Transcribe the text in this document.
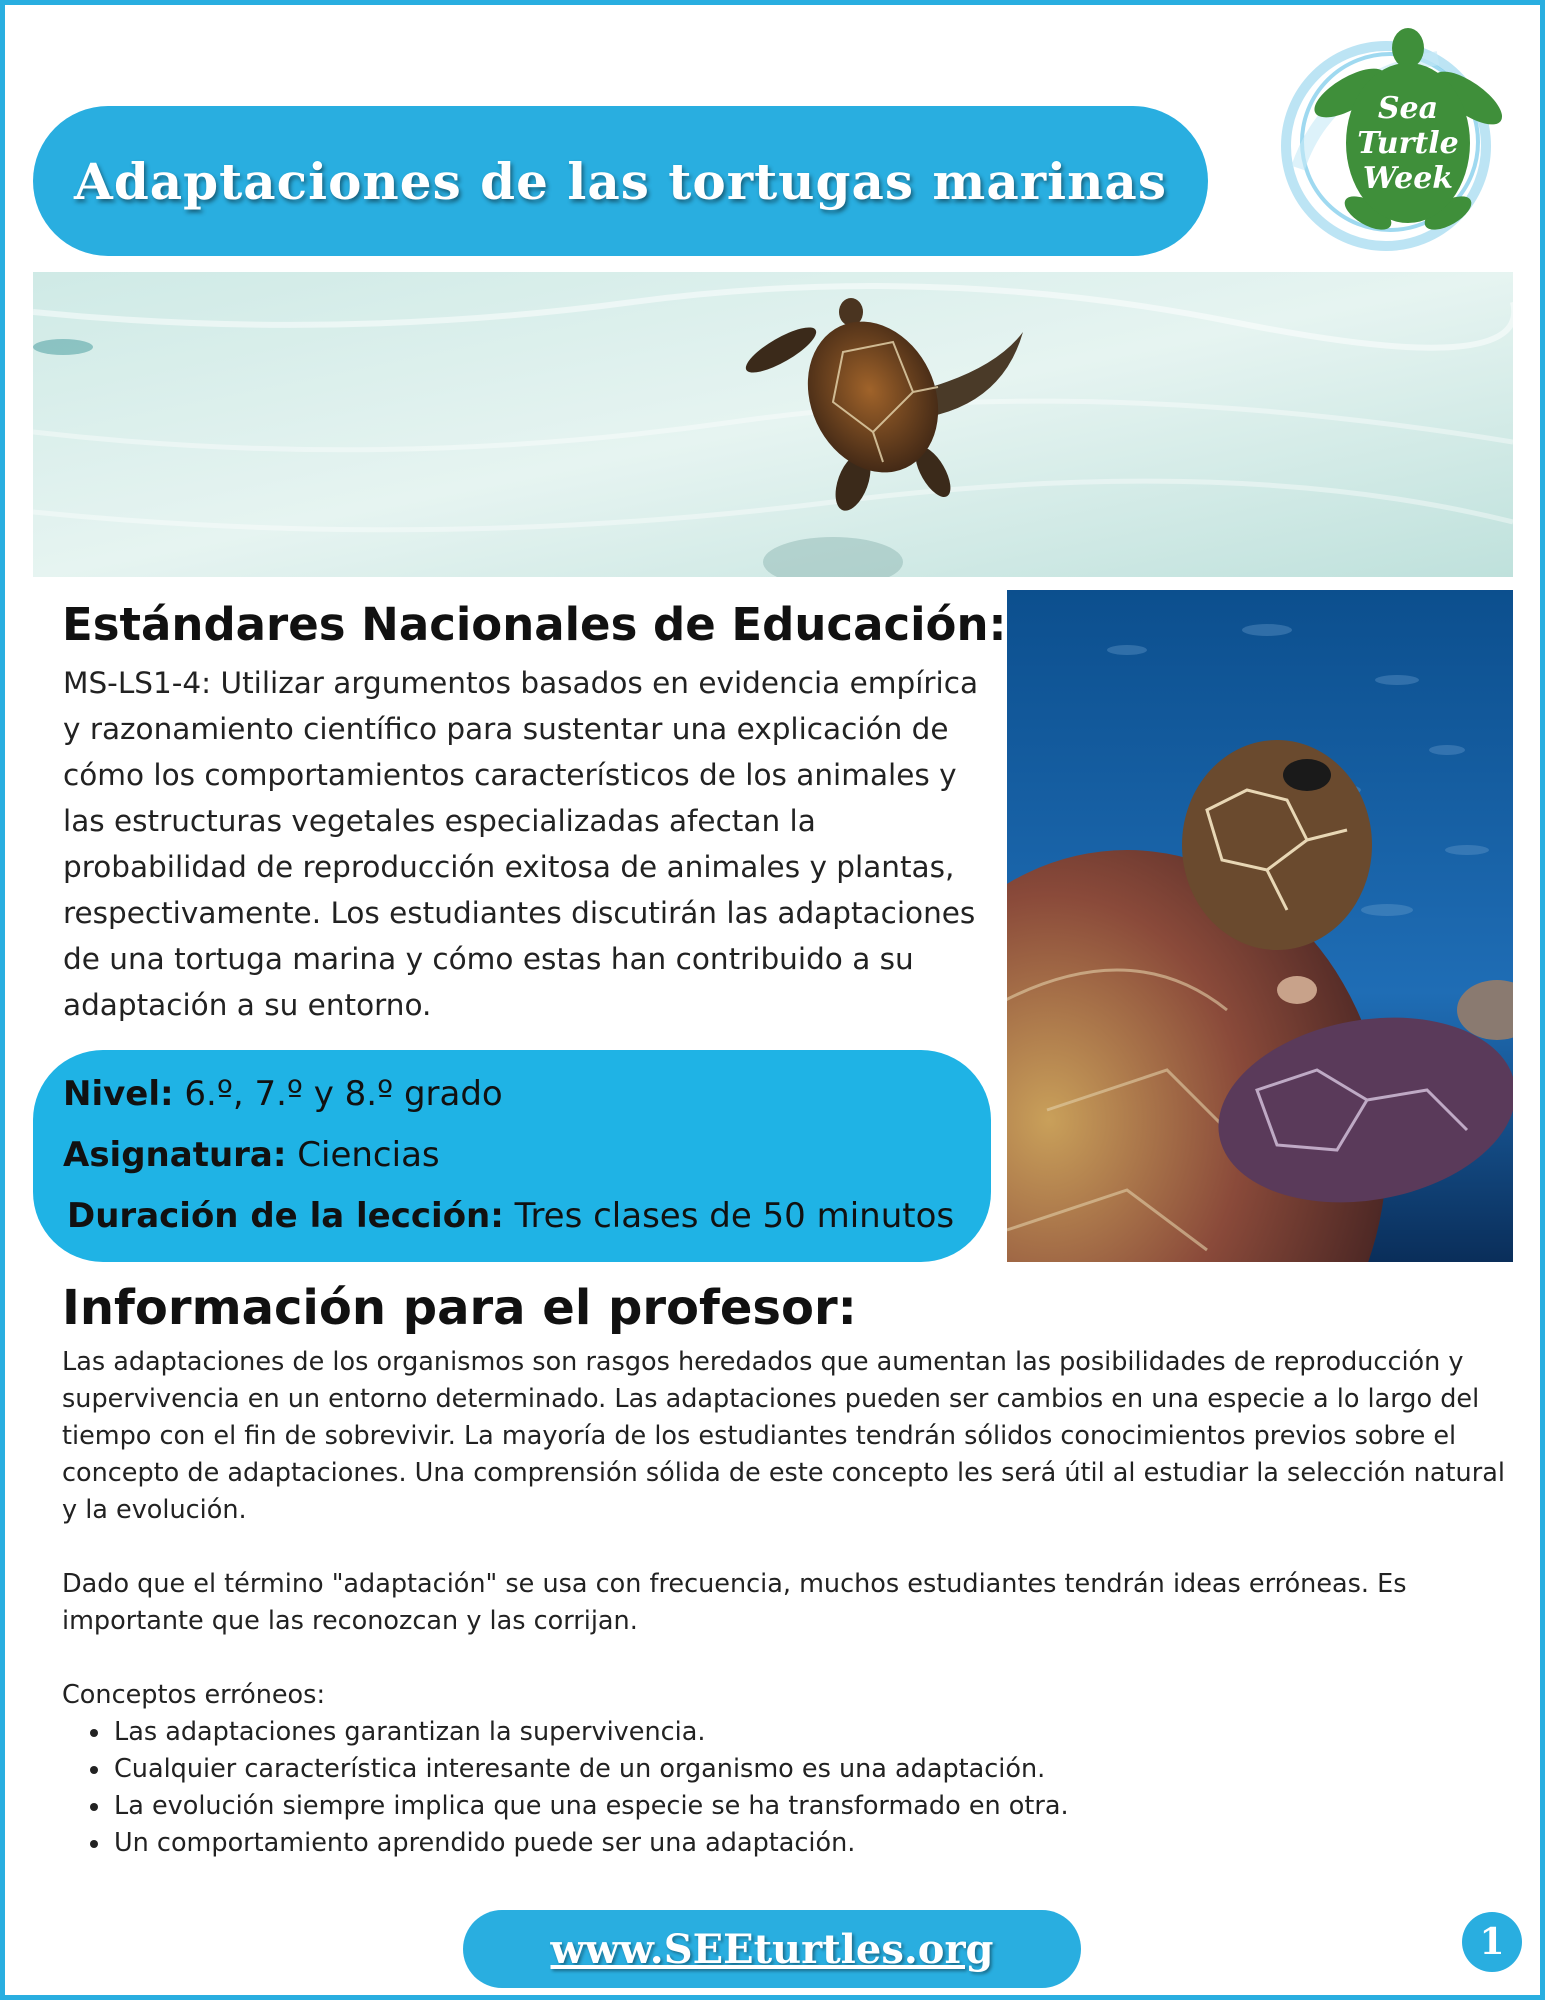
Adaptaciones de las tortugas marinas
Sea
Turtle
Week
Estándares Nacionales de Educación:
MS-LS1-4: Utilizar argumentos basados en evidencia empírica y razonamiento científico para sustentar una explicación de cómo los comportamientos característicos de los animales y las estructuras vegetales especializadas afectan la probabilidad de reproducción exitosa de animales y plantas, respectivamente. Los estudiantes discutirán las adaptaciones de una tortuga marina y cómo estas han contribuido a su adaptación a su entorno.
Nivel: 6.º, 7.º y 8.º grado
Asignatura: Ciencias
Duración de la lección: Tres clases de 50 minutos
Información para el profesor:

Las adaptaciones de los organismos son rasgos heredados que aumentan las posibilidades de reproducción y supervivencia en un entorno determinado. Las adaptaciones pueden ser cambios en una especie a lo largo del tiempo con el fin de sobrevivir. La mayoría de los estudiantes tendrán sólidos conocimientos previos sobre el concepto de adaptaciones. Una comprensión sólida de este concepto les será útil al estudiar la selección natural y la evolución.

Dado que el término "adaptación" se usa con frecuencia, muchos estudiantes tendrán ideas erróneas. Es importante que las reconozcan y las corrijan.

Conceptos erróneos:

• Las adaptaciones garantizan la supervivencia.
• Cualquier característica interesante de un organismo es una adaptación.
• La evolución siempre implica que una especie se ha transformado en otra.
• Un comportamiento aprendido puede ser una adaptación.
www.SEEturtles.org	1
